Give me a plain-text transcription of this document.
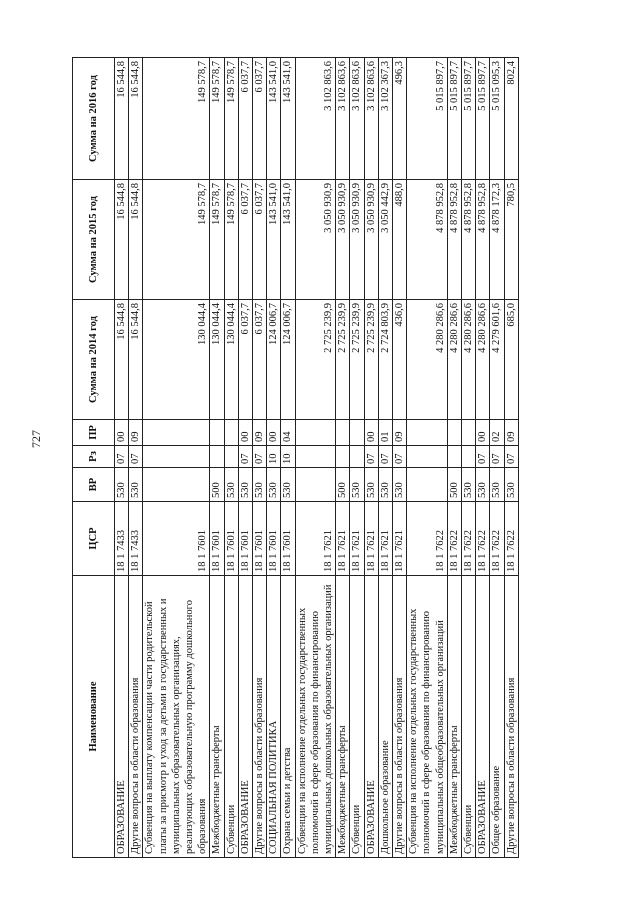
727
Наименование	ЦСР	ВР	Рз	ПР	Сумма на 2014 год	Сумма на 2015 год	Сумма на 2016 год
ОБРАЗОВАНИЕ	18 1 7433	530	07	00	16 544,8	16 544,8	16 544,8
Другие вопросы в области образования	18 1 7433	530	07	09	16 544,8	16 544,8	16 544,8
Субвенция на выплату компенсации части родительской платы за присмотр и уход за детьми в государственных и муниципальных образовательных организациях, реализующих образовательную программу дошкольного образования	18 1 7601				130 044,4	149 578,7	149 578,7
Межбюджетные трансферты	18 1 7601	500			130 044,4	149 578,7	149 578,7
Субвенции	18 1 7601	530			130 044,4	149 578,7	149 578,7
ОБРАЗОВАНИЕ	18 1 7601	530	07	00	6 037,7	6 037,7	6 037,7
Другие вопросы в области образования	18 1 7601	530	07	09	6 037,7	6 037,7	6 037,7
СОЦИАЛЬНАЯ ПОЛИТИКА	18 1 7601	530	10	00	124 006,7	143 541,0	143 541,0
Охрана семьи и детства	18 1 7601	530	10	04	124 006,7	143 541,0	143 541,0
Субвенции на исполнение отдельных государственных полномочий в сфере образования по финансированию муниципальных дошкольных образовательных организаций	18 1 7621				2 725 239,9	3 050 930,9	3 102 863,6
Межбюджетные трансферты	18 1 7621	500			2 725 239,9	3 050 930,9	3 102 863,6
Субвенции	18 1 7621	530			2 725 239,9	3 050 930,9	3 102 863,6
ОБРАЗОВАНИЕ	18 1 7621	530	07	00	2 725 239,9	3 050 930,9	3 102 863,6
Дошкольное образование	18 1 7621	530	07	01	2 724 803,9	3 050 442,9	3 102 367,3
Другие вопросы в области образования	18 1 7621	530	07	09	436,0	488,0	496,3
Субвенция на исполнение отдельных государственных полномочий в сфере образования по финансированию муниципальных общеобразовательных организаций	18 1 7622				4 280 286,6	4 878 952,8	5 015 897,7
Межбюджетные трансферты	18 1 7622	500			4 280 286,6	4 878 952,8	5 015 897,7
Субвенции	18 1 7622	530			4 280 286,6	4 878 952,8	5 015 897,7
ОБРАЗОВАНИЕ	18 1 7622	530	07	00	4 280 286,6	4 878 952,8	5 015 897,7
Общее образование	18 1 7622	530	07	02	4 279 601,6	4 878 172,3	5 015 095,3
Другие вопросы в области образования	18 1 7622	530	07	09	685,0	780,5	802,4
